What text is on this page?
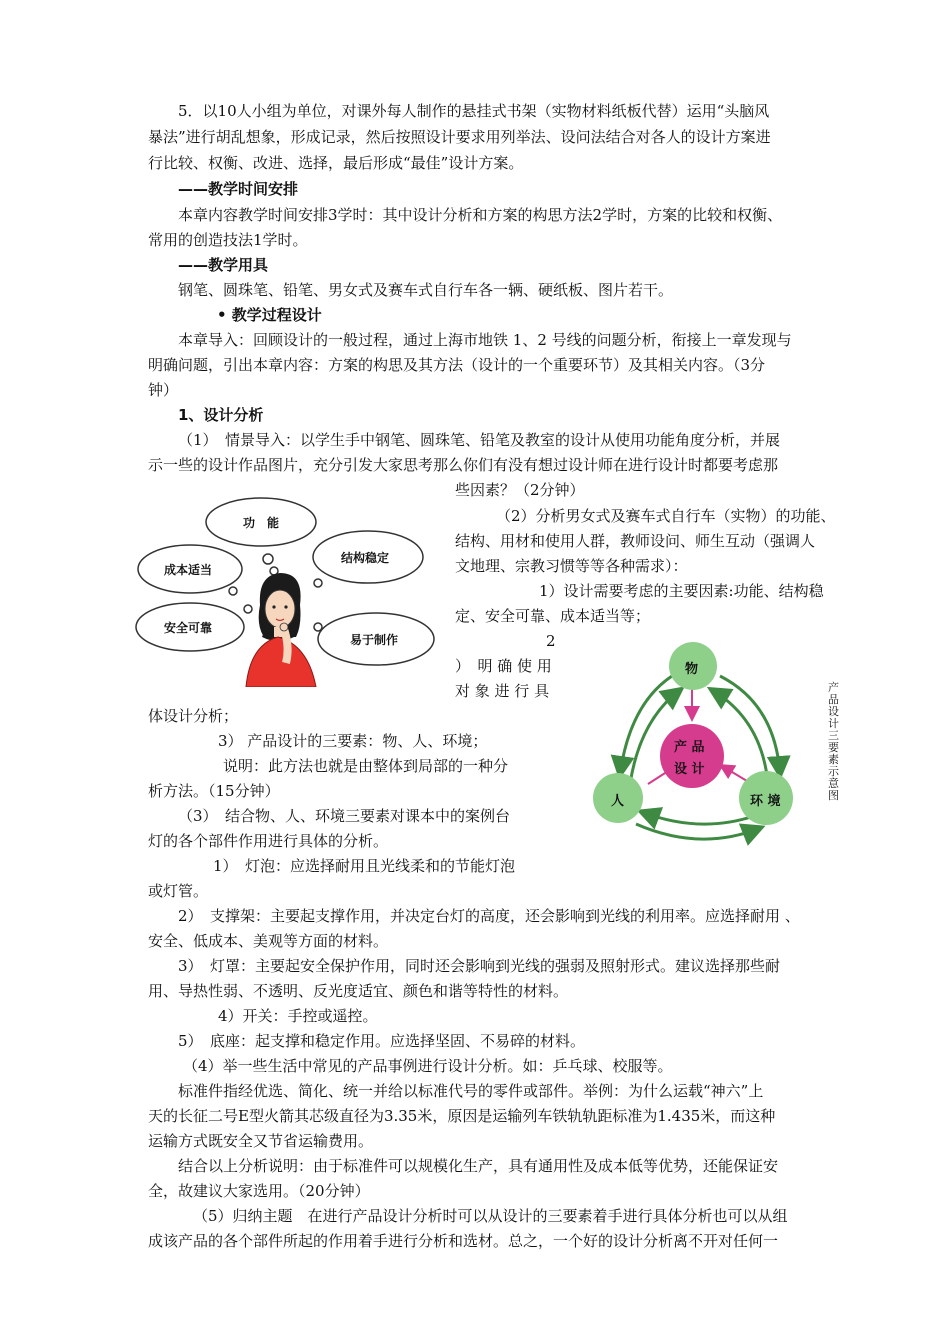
5．以10人小组为单位，对课外每人制作的悬挂式书架（实物材料纸板代替）运用“头脑风
暴法”进行胡乱想象，形成记录，然后按照设计要求用列举法、设问法结合对各人的设计方案进
行比较、权衡、改进、选择，最后形成“最佳”设计方案。
——教学时间安排
本章内容教学时间安排3学时：其中设计分析和方案的构思方法2学时，方案的比较和权衡、
常用的创造技法1学时。
——教学用具
钢笔、圆珠笔、铅笔、男女式及赛车式自行车各一辆、硬纸板、图片若干。
• 教学过程设计
本章导入：回顾设计的一般过程，通过上海市地铁 1、2 号线的问题分析，衔接上一章发现与
明确问题，引出本章内容：方案的构思及其方法（设计的一个重要环节）及其相关内容。（3分
钟）
1、设计分析
（1）　情景导入：以学生手中钢笔、圆珠笔、铅笔及教室的设计从使用功能角度分析，并展
示一些的设计作品图片，充分引发大家思考那么你们有没有想过设计师在进行设计时都要考虑那
些因素？（2分钟）
功　能
结构稳定
成本适当
安全可靠
易于制作
（2）分析男女式及赛车式自行车（实物）的功能、
结构、用材和使用人群，教师设问、师生互动（强调人
文地理、宗教习惯等等各种需求）：
1）设计需要考虑的主要因素:功能、结构稳
定、安全可靠、成本适当等；
2
）　明 确 使 用
对 象 进 行 具
体设计分析；
3） 产品设计的三要素：物、人、环境；
说明：此方法也就是由整体到局部的一种分
析方法。（15分钟）
物
产 品
设 计
人	环 境
产品设计三要素示意图
（3）　结合物、人、环境三要素对课本中的案例台
灯的各个部件作用进行具体的分析。
1）　灯泡：应选择耐用且光线柔和的节能灯泡
或灯管。
2）　支撑架：主要起支撑作用，并决定台灯的高度，还会影响到光线的利用率。应选择耐用 、
安全、低成本、美观等方面的材料。
3）　灯罩：主要起安全保护作用，同时还会影响到光线的强弱及照射形式。建议选择那些耐
用、导热性弱、不透明、反光度适宜、颜色和谐等特性的材料。
4）开关：手控或遥控。
5）　底座：起支撑和稳定作用。应选择坚固、不易碎的材料。
（4）举一些生活中常见的产品事例进行设计分析。如：乒乓球、校服等。
标准件指经优选、简化、统一并给以标准代号的零件或部件。举例：为什么运载“神六”上
天的长征二号E型火箭其芯级直径为3.35米，原因是运输列车铁轨轨距标准为1.435米，而这种
运输方式既安全又节省运输费用。
结合以上分析说明：由于标准件可以规模化生产，具有通用性及成本低等优势，还能保证安
全，故建议大家选用。（20分钟）
（5）归纳主题　在进行产品设计分析时可以从设计的三要素着手进行具体分析也可以从组
成该产品的各个部件所起的作用着手进行分析和选材。总之，一个好的设计分析离不开对任何一
